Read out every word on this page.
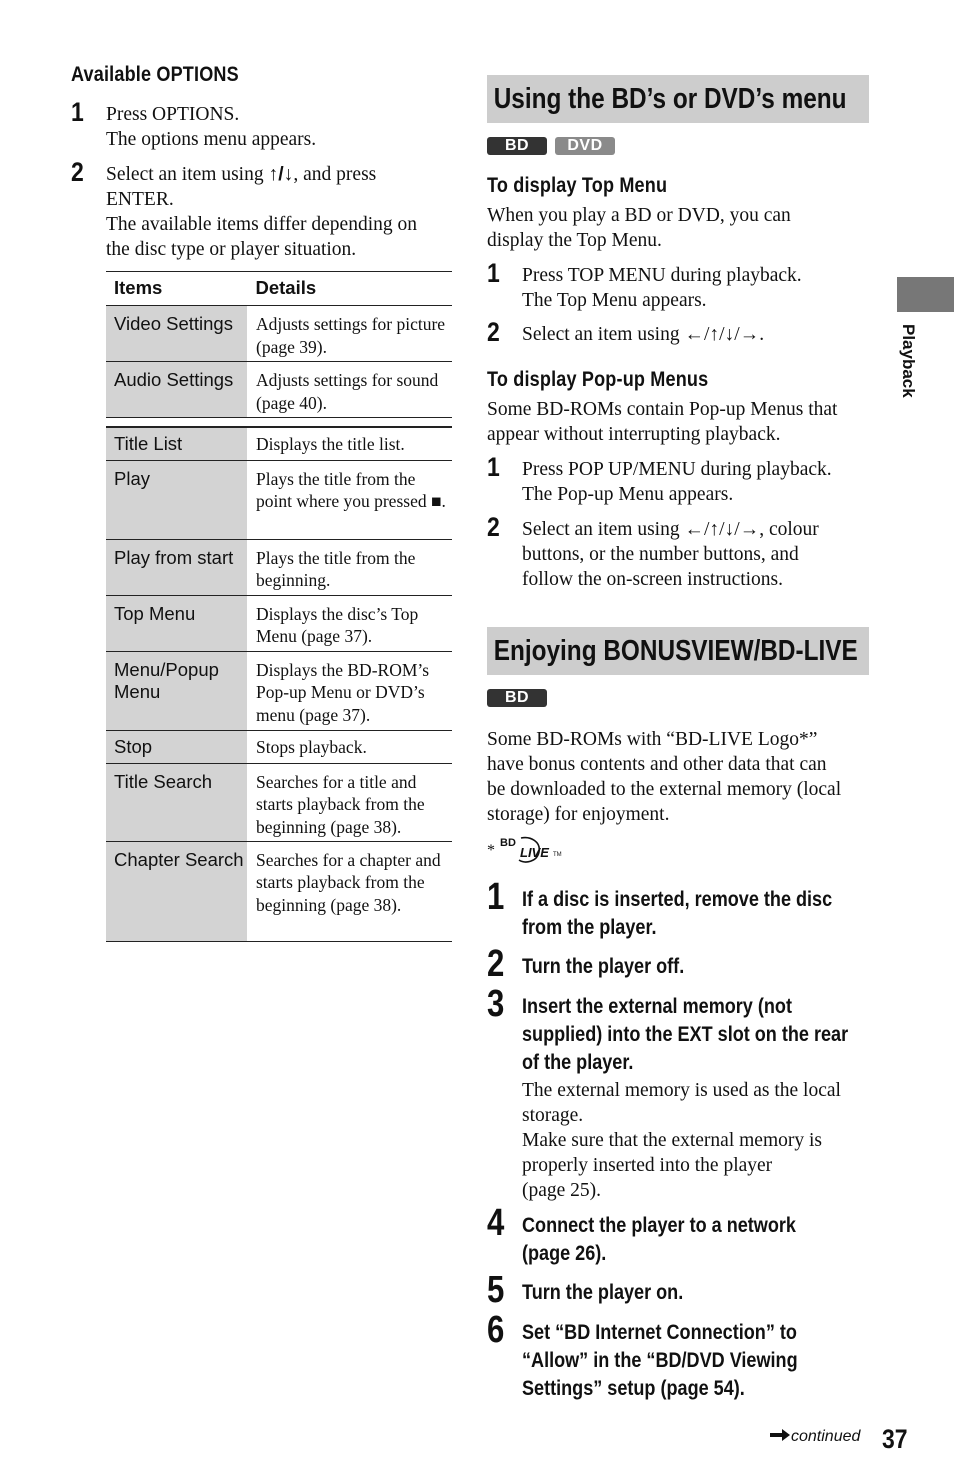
Available OPTIONS
1 Press OPTIONS.
The options menu appears.
2 Select an item using ↑/↓, and press
ENTER.
The available items differ depending on
the disc type or player situation.
Items	Details
Video Settings	Adjusts settings for picture (page 39).
Audio Settings	Adjusts settings for sound (page 40).

Title List	Displays the title list.
Play	Plays the title from the point where you pressed ■.
Play from start	Plays the title from the beginning.
Top Menu	Displays the disc’s Top Menu (page 37).
Menu/Popup Menu	Displays the BD-ROM’s Pop-up Menu or DVD’s menu (page 37).
Stop	Stops playback.
Title Search	Searches for a title and starts playback from the beginning (page 38).
Chapter Search	Searches for a chapter and starts playback from the beginning (page 38).
Using the BD’s or DVD’s menu
BD	DVD
To display Top Menu
When you play a BD or DVD, you can
display the Top Menu.
1 Press TOP MENU during playback.
The Top Menu appears.
2 Select an item using ←/↑/↓/→.
To display Pop-up Menus
Some BD-ROMs contain Pop-up Menus that
appear without interrupting playback.
1 Press POP UP/MENU during playback.
The Pop-up Menu appears.
2 Select an item using ←/↑/↓/→, colour
buttons, or the number buttons, and
follow the on-screen instructions.
Enjoying BONUSVIEW/BD-LIVE
BD
Some BD-ROMs with “BD-LIVE Logo*”
have bonus contents and other data that can
be downloaded to the external memory (local
storage) for enjoyment.
* BD
LIVE TM
1 If a disc is inserted, remove the disc
from the player.
2 Turn the player off.
3 Insert the external memory (not
supplied) into the EXT slot on the rear
of the player.
The external memory is used as the local
storage.
Make sure that the external memory is
properly inserted into the player
(page 25).
4 Connect the player to a network
(page 26).
5 Turn the player on.
6 Set “BD Internet Connection” to
“Allow” in the “BD/DVD Viewing
Settings” setup (page 54).
Playback
continued 37
